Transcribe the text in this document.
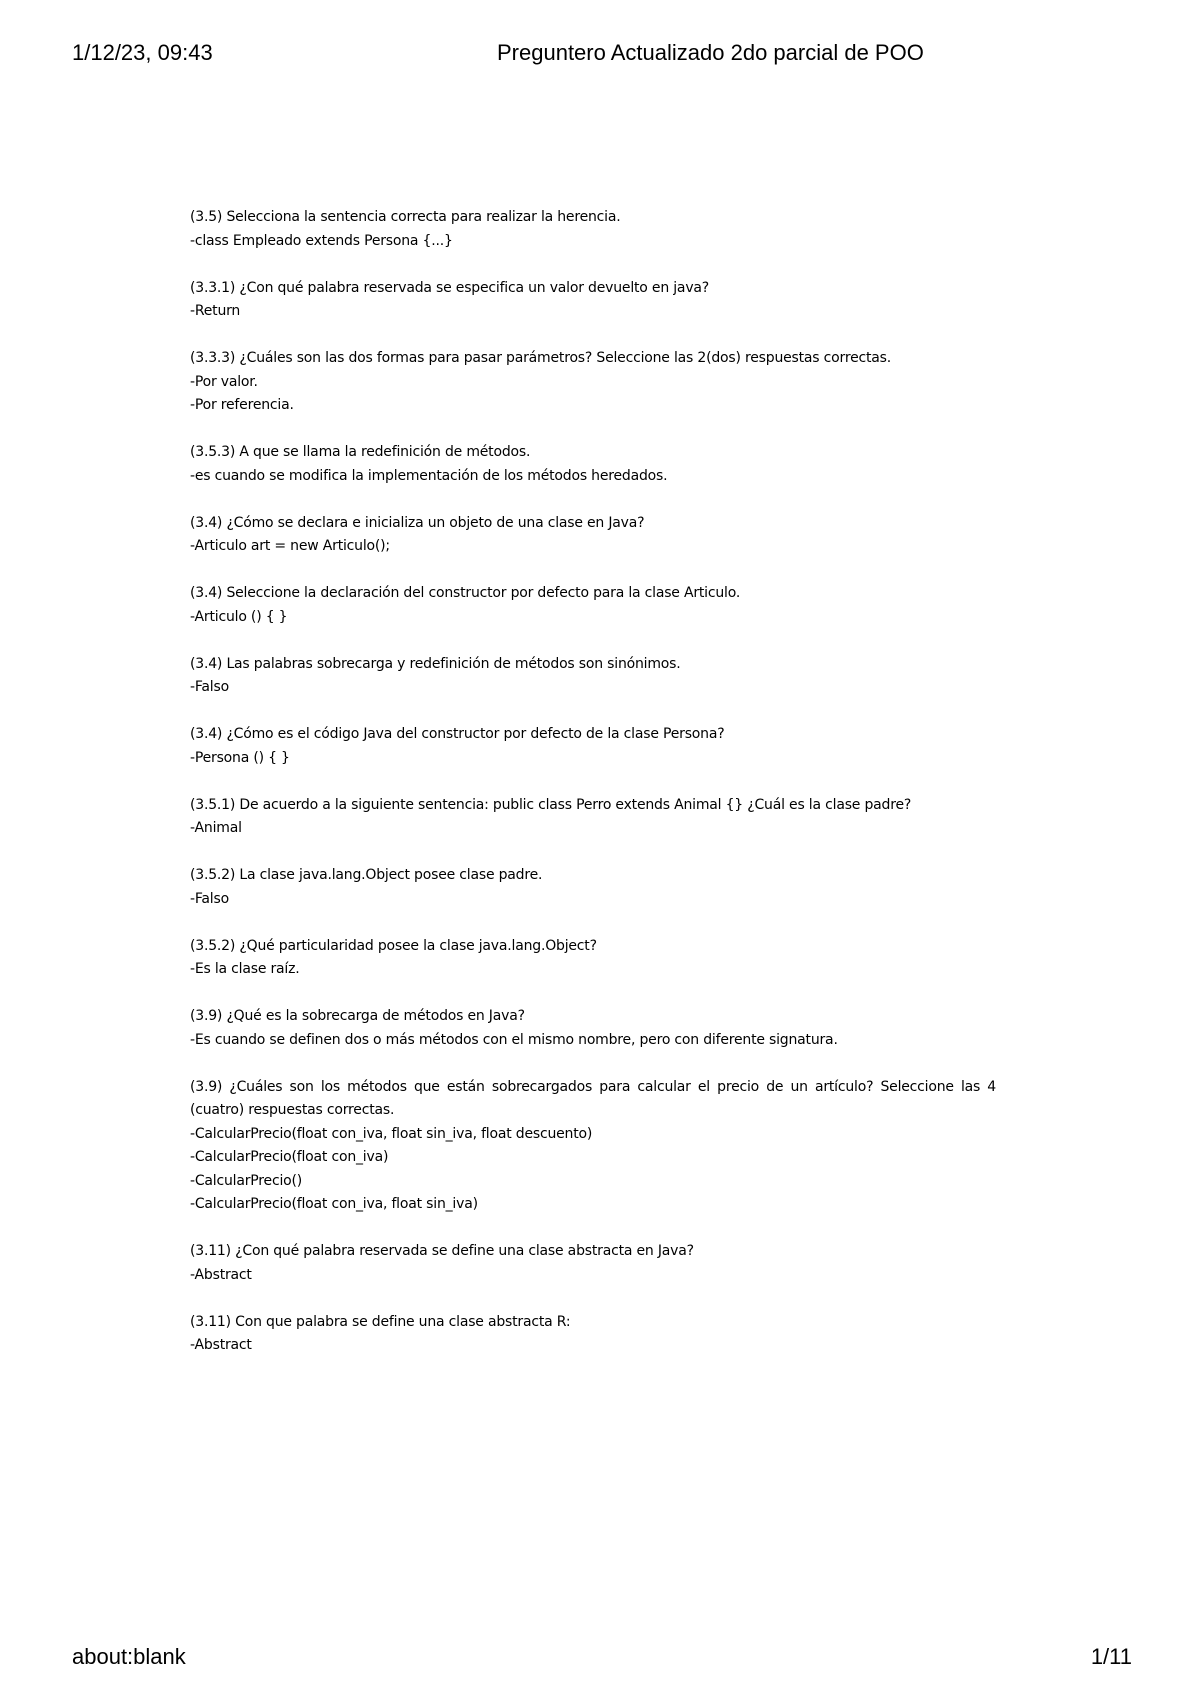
1/12/23, 09:43	Preguntero Actualizado 2do parcial de POO
(3.5) Selecciona la sentencia correcta para realizar la herencia.
-class Empleado extends Persona {...}
(3.3.1) ¿Con qué palabra reservada se especifica un valor devuelto en java?
-Return
(3.3.3) ¿Cuáles son las dos formas para pasar parámetros? Seleccione las 2(dos) respuestas correctas.
-Por valor.
-Por referencia.
(3.5.3) A que se llama la redefinición de métodos.
-es cuando se modifica la implementación de los métodos heredados.
(3.4) ¿Cómo se declara e inicializa un objeto de una clase en Java?
-Articulo art = new Articulo();
(3.4) Seleccione la declaración del constructor por defecto para la clase Articulo.
-Articulo () { }
(3.4) Las palabras sobrecarga y redefinición de métodos son sinónimos.
-Falso
(3.4) ¿Cómo es el código Java del constructor por defecto de la clase Persona?
-Persona () { }
(3.5.1) De acuerdo a la siguiente sentencia: public class Perro extends Animal {} ¿Cuál es la clase padre?
-Animal
(3.5.2) La clase java.lang.Object posee clase padre.
-Falso
(3.5.2) ¿Qué particularidad posee la clase java.lang.Object?
-Es la clase raíz.
(3.9) ¿Qué es la sobrecarga de métodos en Java?
-Es cuando se definen dos o más métodos con el mismo nombre, pero con diferente signatura.
(3.9) ¿Cuáles son los métodos que están sobrecargados para calcular el precio de un artículo? Seleccione las 4 (cuatro) respuestas correctas.
-CalcularPrecio(float con_iva, float sin_iva, float descuento)
-CalcularPrecio(float con_iva)
-CalcularPrecio()
-CalcularPrecio(float con_iva, float sin_iva)
(3.11) ¿Con qué palabra reservada se define una clase abstracta en Java?
-Abstract
(3.11) Con que palabra se define una clase abstracta R:
-Abstract
about:blank	1/11
